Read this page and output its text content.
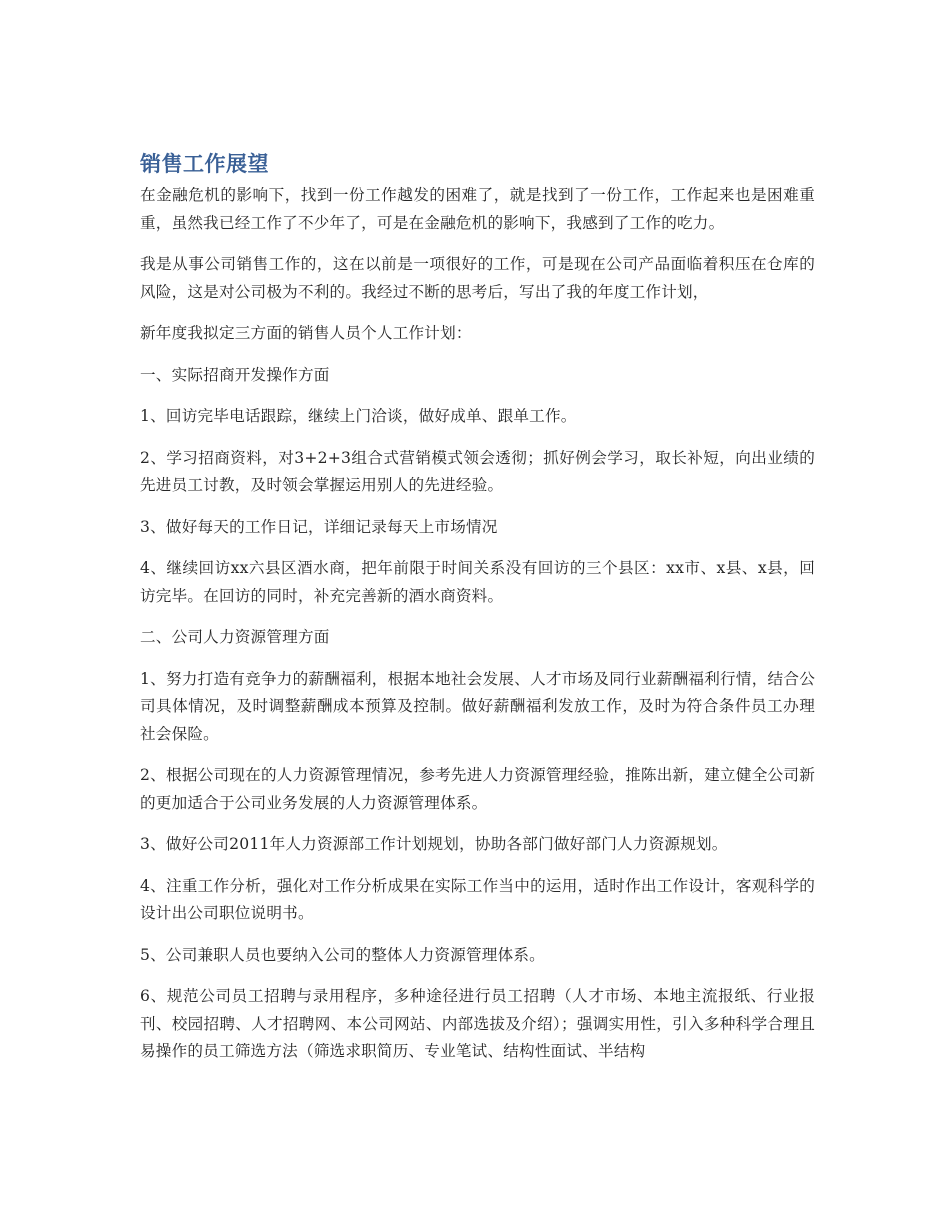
销售工作展望

在金融危机的影响下，找到一份工作越发的困难了，就是找到了一份工作，工作起来也是困难重重，虽然我已经工作了不少年了，可是在金融危机的影响下，我感到了工作的吃力。

我是从事公司销售工作的，这在以前是一项很好的工作，可是现在公司产品面临着积压在仓库的风险，这是对公司极为不利的。我经过不断的思考后，写出了我的年度工作计划，

新年度我拟定三方面的销售人员个人工作计划：

一、实际招商开发操作方面

1、回访完毕电话跟踪，继续上门洽谈，做好成单、跟单工作。

2、学习招商资料，对3+2+3组合式营销模式领会透彻；抓好例会学习，取长补短，向出业绩的先进员工讨教，及时领会掌握运用别人的先进经验。

3、做好每天的工作日记，详细记录每天上市场情况

4、继续回访xx六县区酒水商，把年前限于时间关系没有回访的三个县区：xx市、x县、x县，回访完毕。在回访的同时，补充完善新的酒水商资料。

二、公司人力资源管理方面

1、努力打造有竞争力的薪酬福利，根据本地社会发展、人才市场及同行业薪酬福利行情，结合公司具体情况，及时调整薪酬成本预算及控制。做好薪酬福利发放工作，及时为符合条件员工办理社会保险。

2、根据公司现在的人力资源管理情况，参考先进人力资源管理经验，推陈出新，建立健全公司新的更加适合于公司业务发展的人力资源管理体系。

3、做好公司2011年人力资源部工作计划规划，协助各部门做好部门人力资源规划。

4、注重工作分析，强化对工作分析成果在实际工作当中的运用，适时作出工作设计，客观科学的设计出公司职位说明书。

5、公司兼职人员也要纳入公司的整体人力资源管理体系。

6、规范公司员工招聘与录用程序，多种途径进行员工招聘（人才市场、本地主流报纸、行业报刊、校园招聘、人才招聘网、本公司网站、内部选拔及介绍）；强调实用性，引入多种科学合理且易操作的员工筛选方法（筛选求职简历、专业笔试、结构性面试、半结构
